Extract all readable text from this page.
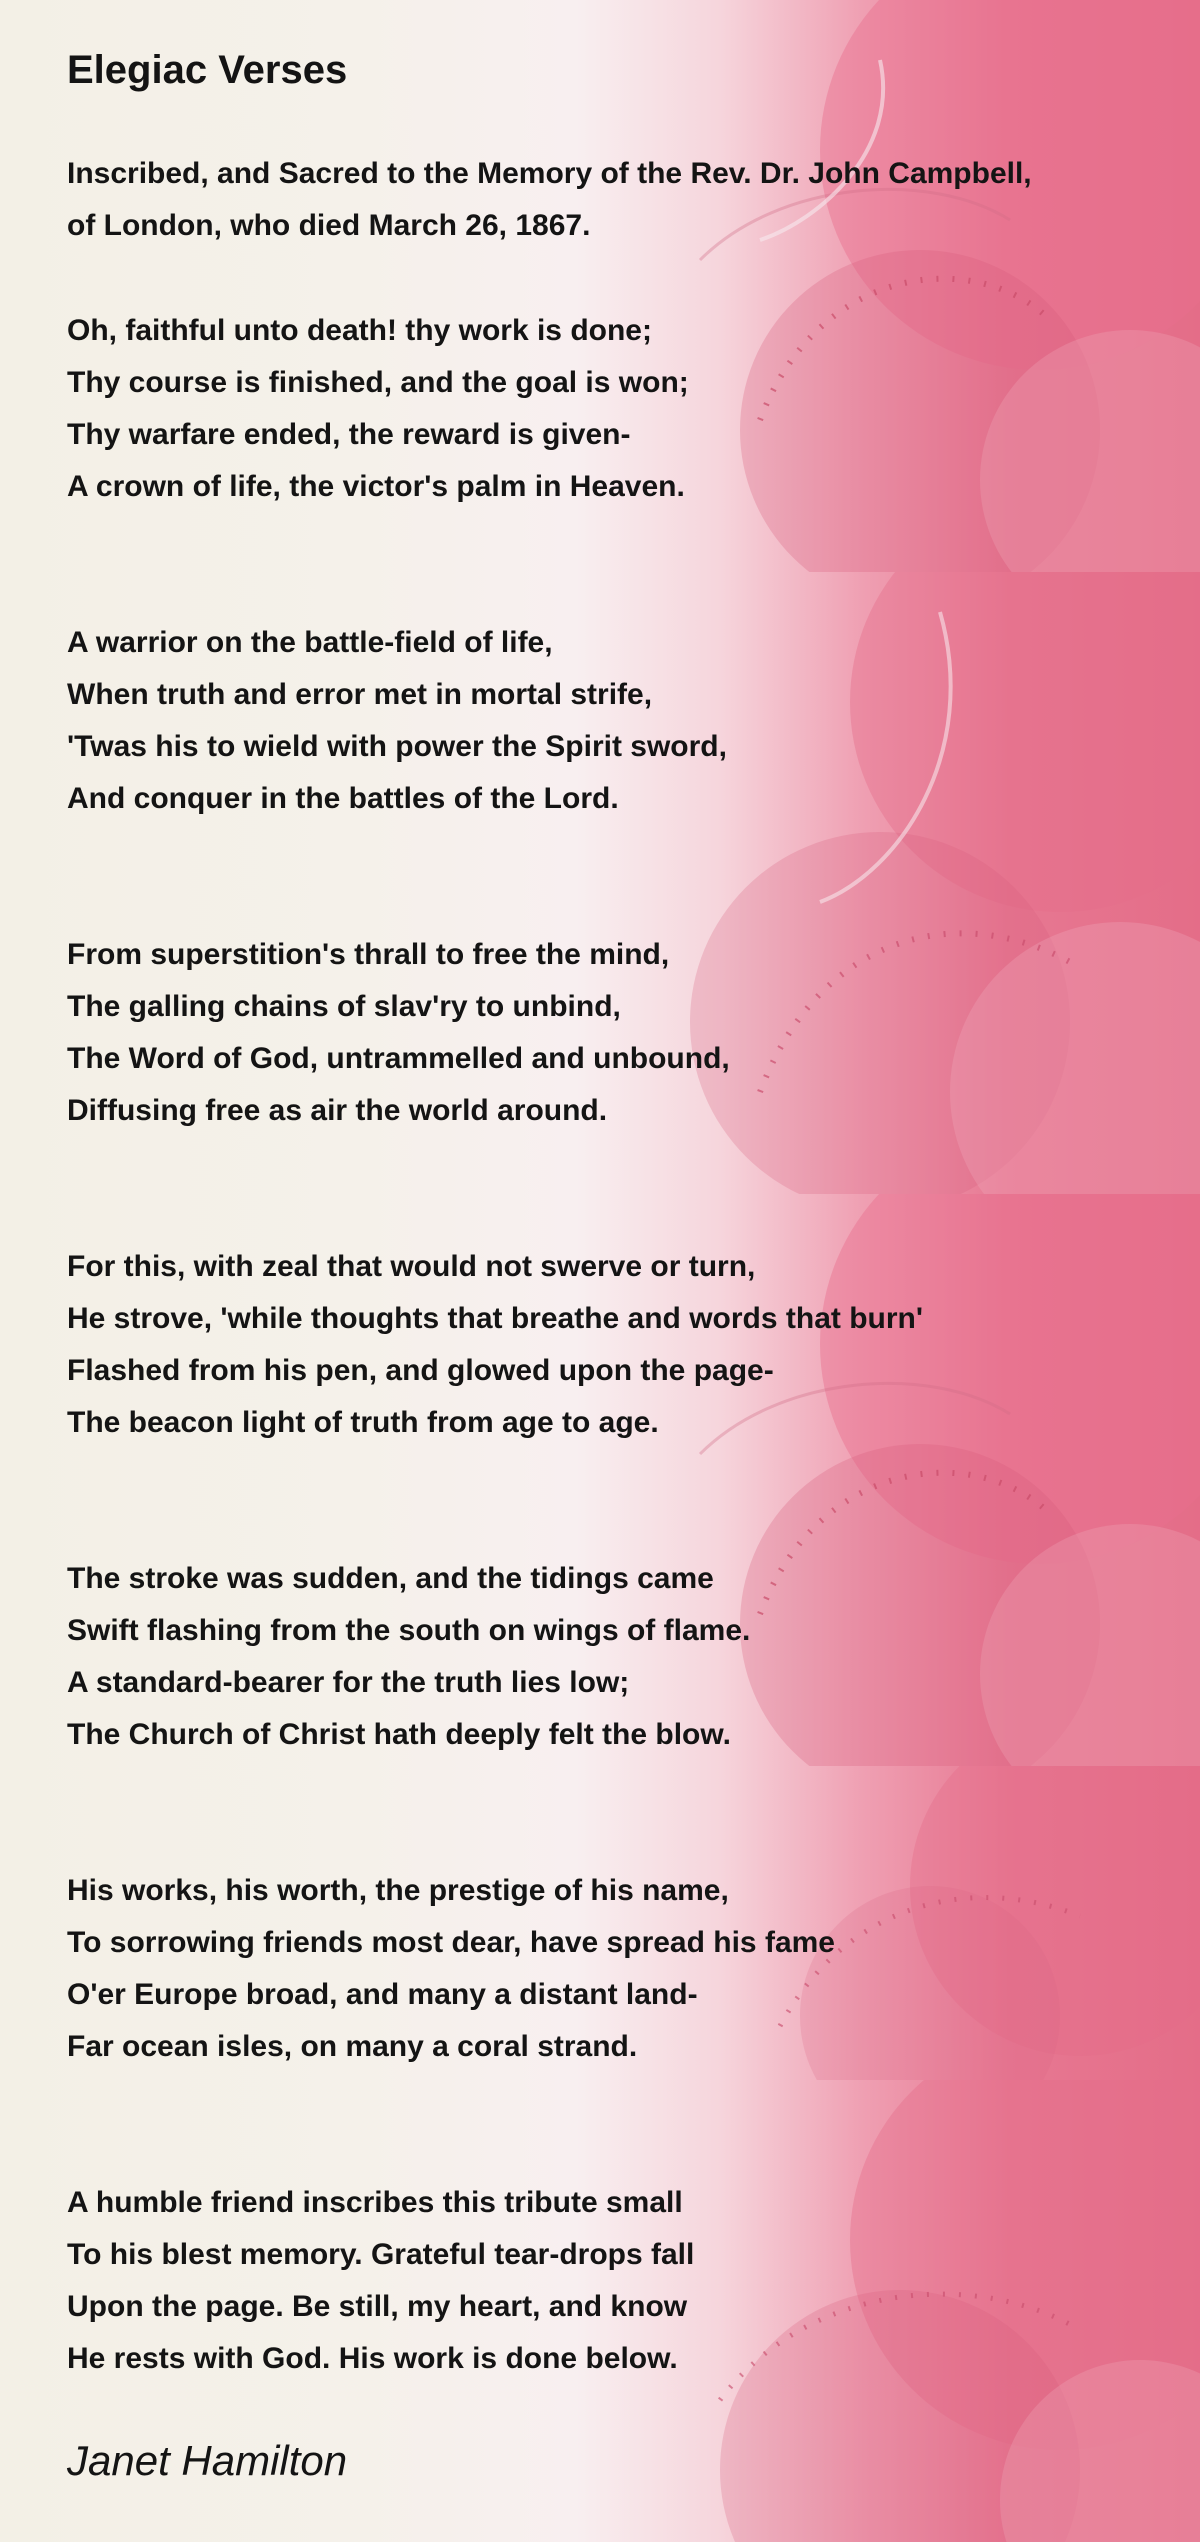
Elegiac Verses

Inscribed, and Sacred to the Memory of the Rev. Dr. John Campbell,
of London, who died March 26, 1867.

Oh, faithful unto death! thy work is done;
Thy course is finished, and the goal is won;
Thy warfare ended, the reward is given-
A crown of life, the victor's palm in Heaven.

A warrior on the battle-field of life,
When truth and error met in mortal strife,
'Twas his to wield with power the Spirit sword,
And conquer in the battles of the Lord.

From superstition's thrall to free the mind,
The galling chains of slav'ry to unbind,
The Word of God, untrammelled and unbound,
Diffusing free as air the world around.

For this, with zeal that would not swerve or turn,
He strove, 'while thoughts that breathe and words that burn'
Flashed from his pen, and glowed upon the page-
The beacon light of truth from age to age.

The stroke was sudden, and the tidings came
Swift flashing from the south on wings of flame.
A standard-bearer for the truth lies low;
The Church of Christ hath deeply felt the blow.

His works, his worth, the prestige of his name,
To sorrowing friends most dear, have spread his fame
O'er Europe broad, and many a distant land-
Far ocean isles, on many a coral strand.

A humble friend inscribes this tribute small
To his blest memory. Grateful tear-drops fall
Upon the page. Be still, my heart, and know
He rests with God. His work is done below.

Janet Hamilton
